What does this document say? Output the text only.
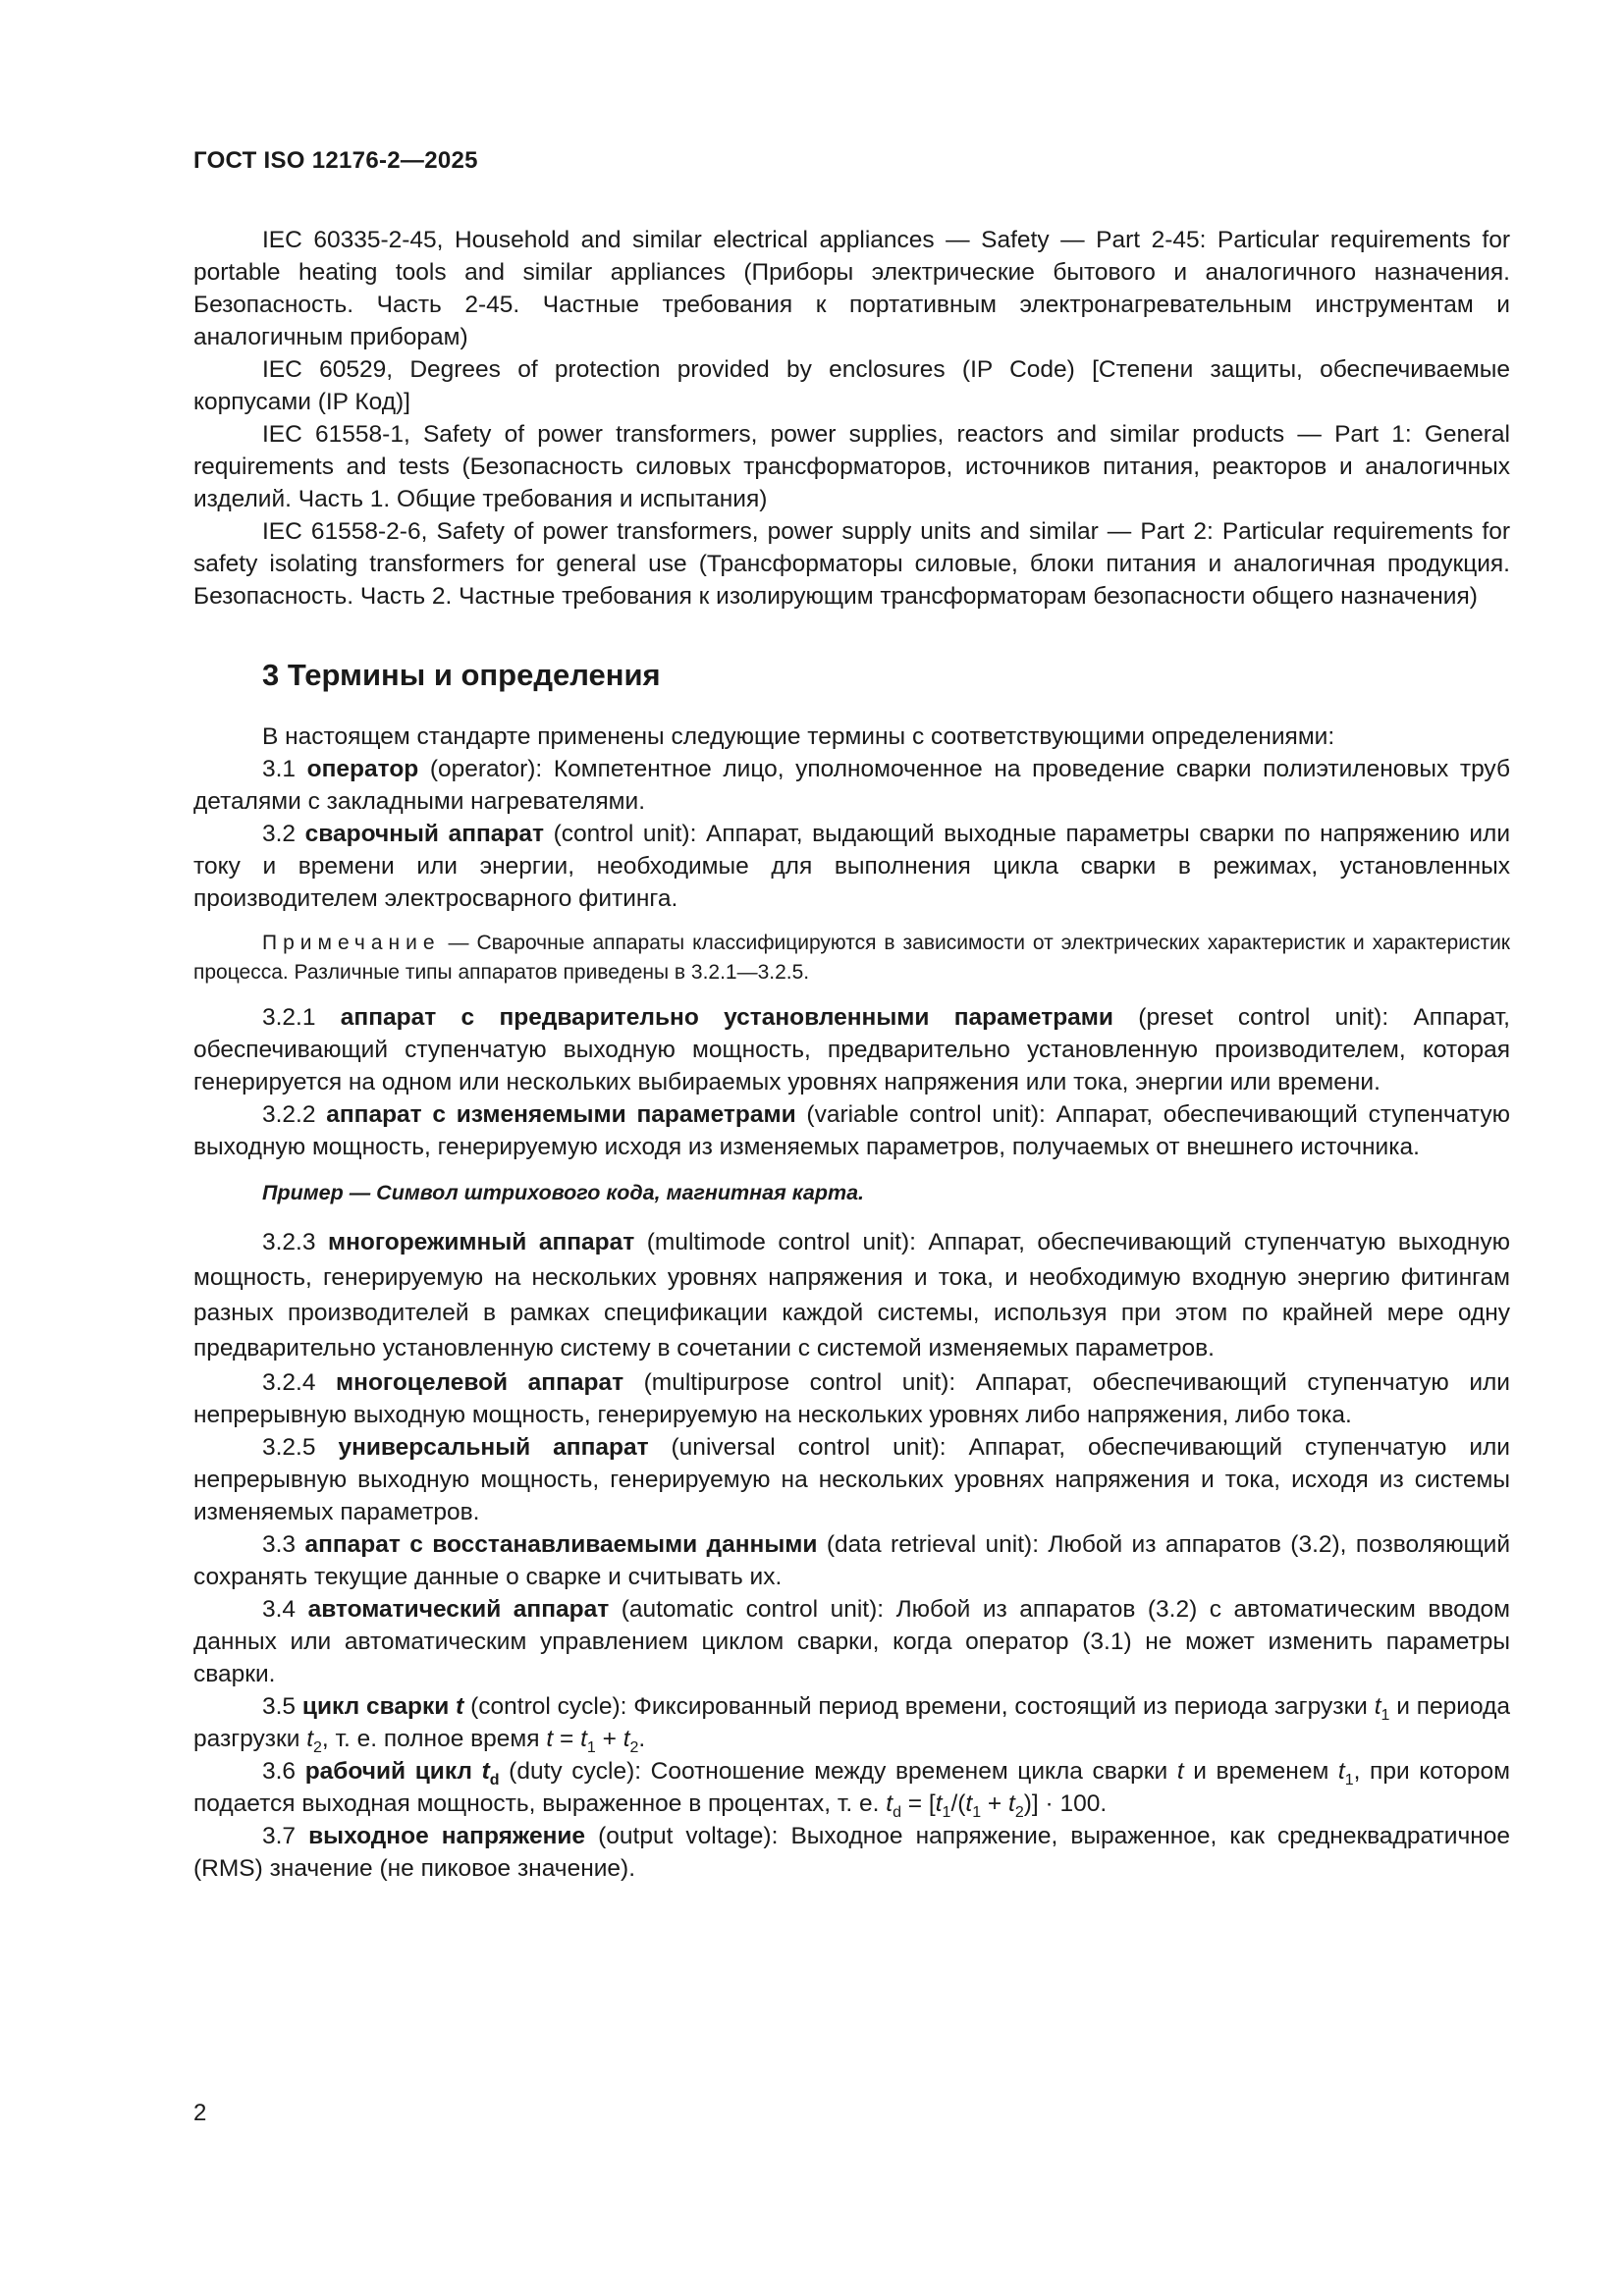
ГОСТ ISO 12176-2—2025

IEC 60335-2-45, Household and similar electrical appliances — Safety — Part 2-45: Particular requirements for portable heating tools and similar appliances (Приборы электрические бытового и аналогичного назначения. Безопасность. Часть 2-45. Частные требования к портативным электронагревательным инструментам и аналогичным приборам)

IEC 60529, Degrees of protection provided by enclosures (IP Code) [Степени защиты, обеспечиваемые корпусами (IP Код)]

IEC 61558-1, Safety of power transformers, power supplies, reactors and similar products — Part 1: General requirements and tests (Безопасность силовых трансформаторов, источников питания, реакторов и аналогичных изделий. Часть 1. Общие требования и испытания)

IEC 61558-2-6, Safety of power transformers, power supply units and similar — Part 2: Particular requirements for safety isolating transformers for general use (Трансформаторы силовые, блоки питания и аналогичная продукция. Безопасность. Часть 2. Частные требования к изолирующим трансформаторам безопасности общего назначения)

3 Термины и определения

В настоящем стандарте применены следующие термины с соответствующими определениями:

3.1 оператор (operator): Компетентное лицо, уполномоченное на проведение сварки полиэтиленовых труб деталями с закладными нагревателями.

3.2 сварочный аппарат (control unit): Аппарат, выдающий выходные параметры сварки по напряжению или току и времени или энергии, необходимые для выполнения цикла сварки в режимах, установленных производителем электросварного фитинга.

Примечание — Сварочные аппараты классифицируются в зависимости от электрических характеристик и характеристик процесса. Различные типы аппаратов приведены в 3.2.1—3.2.5.

3.2.1 аппарат с предварительно установленными параметрами (preset control unit): Аппарат, обеспечивающий ступенчатую выходную мощность, предварительно установленную производителем, которая генерируется на одном или нескольких выбираемых уровнях напряжения или тока, энергии или времени.

3.2.2 аппарат с изменяемыми параметрами (variable control unit): Аппарат, обеспечивающий ступенчатую выходную мощность, генерируемую исходя из изменяемых параметров, получаемых от внешнего источника.

Пример — Символ штрихового кода, магнитная карта.

3.2.3 многорежимный аппарат (multimode control unit): Аппарат, обеспечивающий ступенчатую выходную мощность, генерируемую на нескольких уровнях напряжения и тока, и необходимую входную энергию фитингам разных производителей в рамках спецификации каждой системы, используя при этом по крайней мере одну предварительно установленную систему в сочетании с системой изменяемых параметров.

3.2.4 многоцелевой аппарат (multipurpose control unit): Аппарат, обеспечивающий ступенчатую или непрерывную выходную мощность, генерируемую на нескольких уровнях либо напряжения, либо тока.

3.2.5 универсальный аппарат (universal control unit): Аппарат, обеспечивающий ступенчатую или непрерывную выходную мощность, генерируемую на нескольких уровнях напряжения и тока, исходя из системы изменяемых параметров.

3.3 аппарат с восстанавливаемыми данными (data retrieval unit): Любой из аппаратов (3.2), позволяющий сохранять текущие данные о сварке и считывать их.

3.4 автоматический аппарат (automatic control unit): Любой из аппаратов (3.2) с автоматическим вводом данных или автоматическим управлением циклом сварки, когда оператор (3.1) не может изменить параметры сварки.

3.5 цикл сварки t (control cycle): Фиксированный период времени, состоящий из периода загрузки $t_1$ и периода разгрузки $t_2$, т. е. полное время $t = t_1 + t_2$.

3.6 рабочий цикл $t_d$ (duty cycle): Соотношение между временем цикла сварки t и временем $t_1$, при котором подается выходная мощность, выраженное в процентах, т. е. $t_d = [t_1/(t_1 + t_2)] \cdot 100$.

3.7 выходное напряжение (output voltage): Выходное напряжение, выраженное, как среднеквадратичное (RMS) значение (не пиковое значение).

2
